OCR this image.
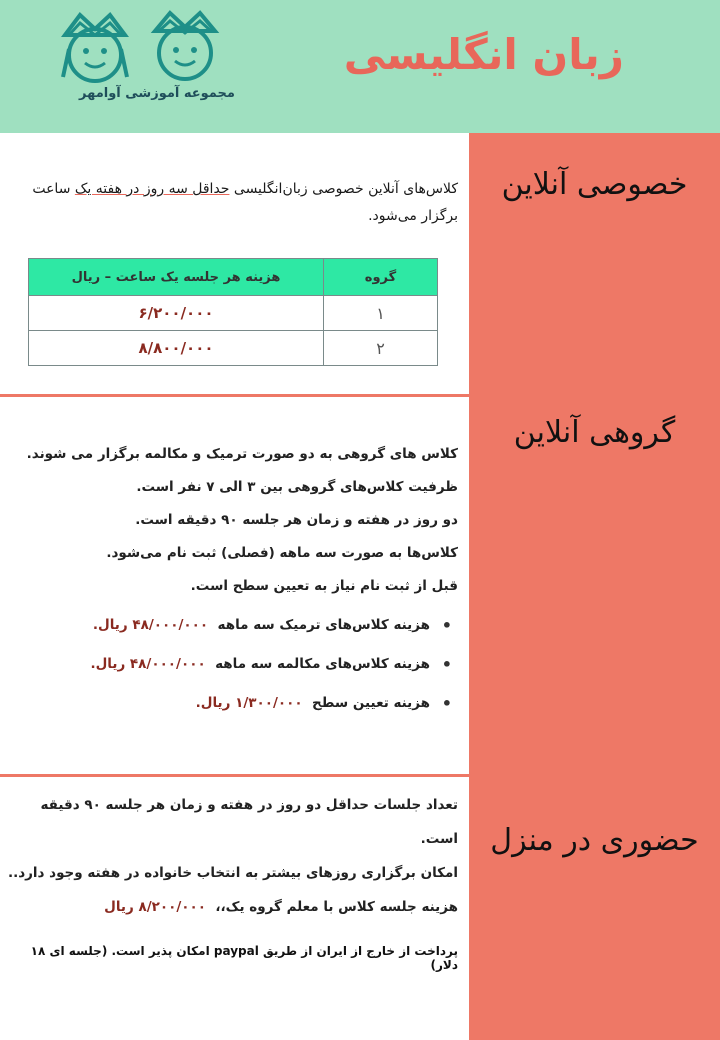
مجموعه آموزشی آوامهر
زبان انگلیسی
خصوصی آنلاین
گروهی آنلاین
حضوری در منزل
کلاس‌های آنلاین خصوصی زبان‌انگلیسی حداقل سه روز در هفته یک ساعت برگزار می‌شود.
گروه	هزینه هر جلسه یک ساعت – ریال
۱	۶/۲۰۰/۰۰۰
۲	۸/۸۰۰/۰۰۰
کلاس های گروهی به دو صورت ترمیک و مکالمه برگزار می شوند.
ظرفیت کلاس‌های گروهی بین ۳ الی ۷ نفر است.
دو روز در هفته و زمان هر جلسه ۹۰ دقیقه است.
کلاس‌ها به صورت سه ماهه (فصلی) ثبت نام می‌شود.
قبل از ثبت نام نیاز به تعیین سطح است.
• هزینه کلاس‌های ترمیک سه ماهه  ۴۸/۰۰۰/۰۰۰ ریال.
• هزینه کلاس‌های مکالمه سه ماهه  ۴۸/۰۰۰/۰۰۰ ریال.
• هزینه تعیین سطح  ۱/۳۰۰/۰۰۰ ریال.
تعداد جلسات حداقل دو روز در هفته و زمان هر جلسه ۹۰ دقیقه است.
امکان برگزاری روزهای بیشتر به انتخاب خانواده در هفته وجود دارد..
هزینه جلسه کلاس با معلم گروه یک،،  ۸/۲۰۰/۰۰۰ ریال
پرداخت از خارج از ایران از طریق paypal امکان پذیر است. (جلسه ای ۱۸ دلار)
